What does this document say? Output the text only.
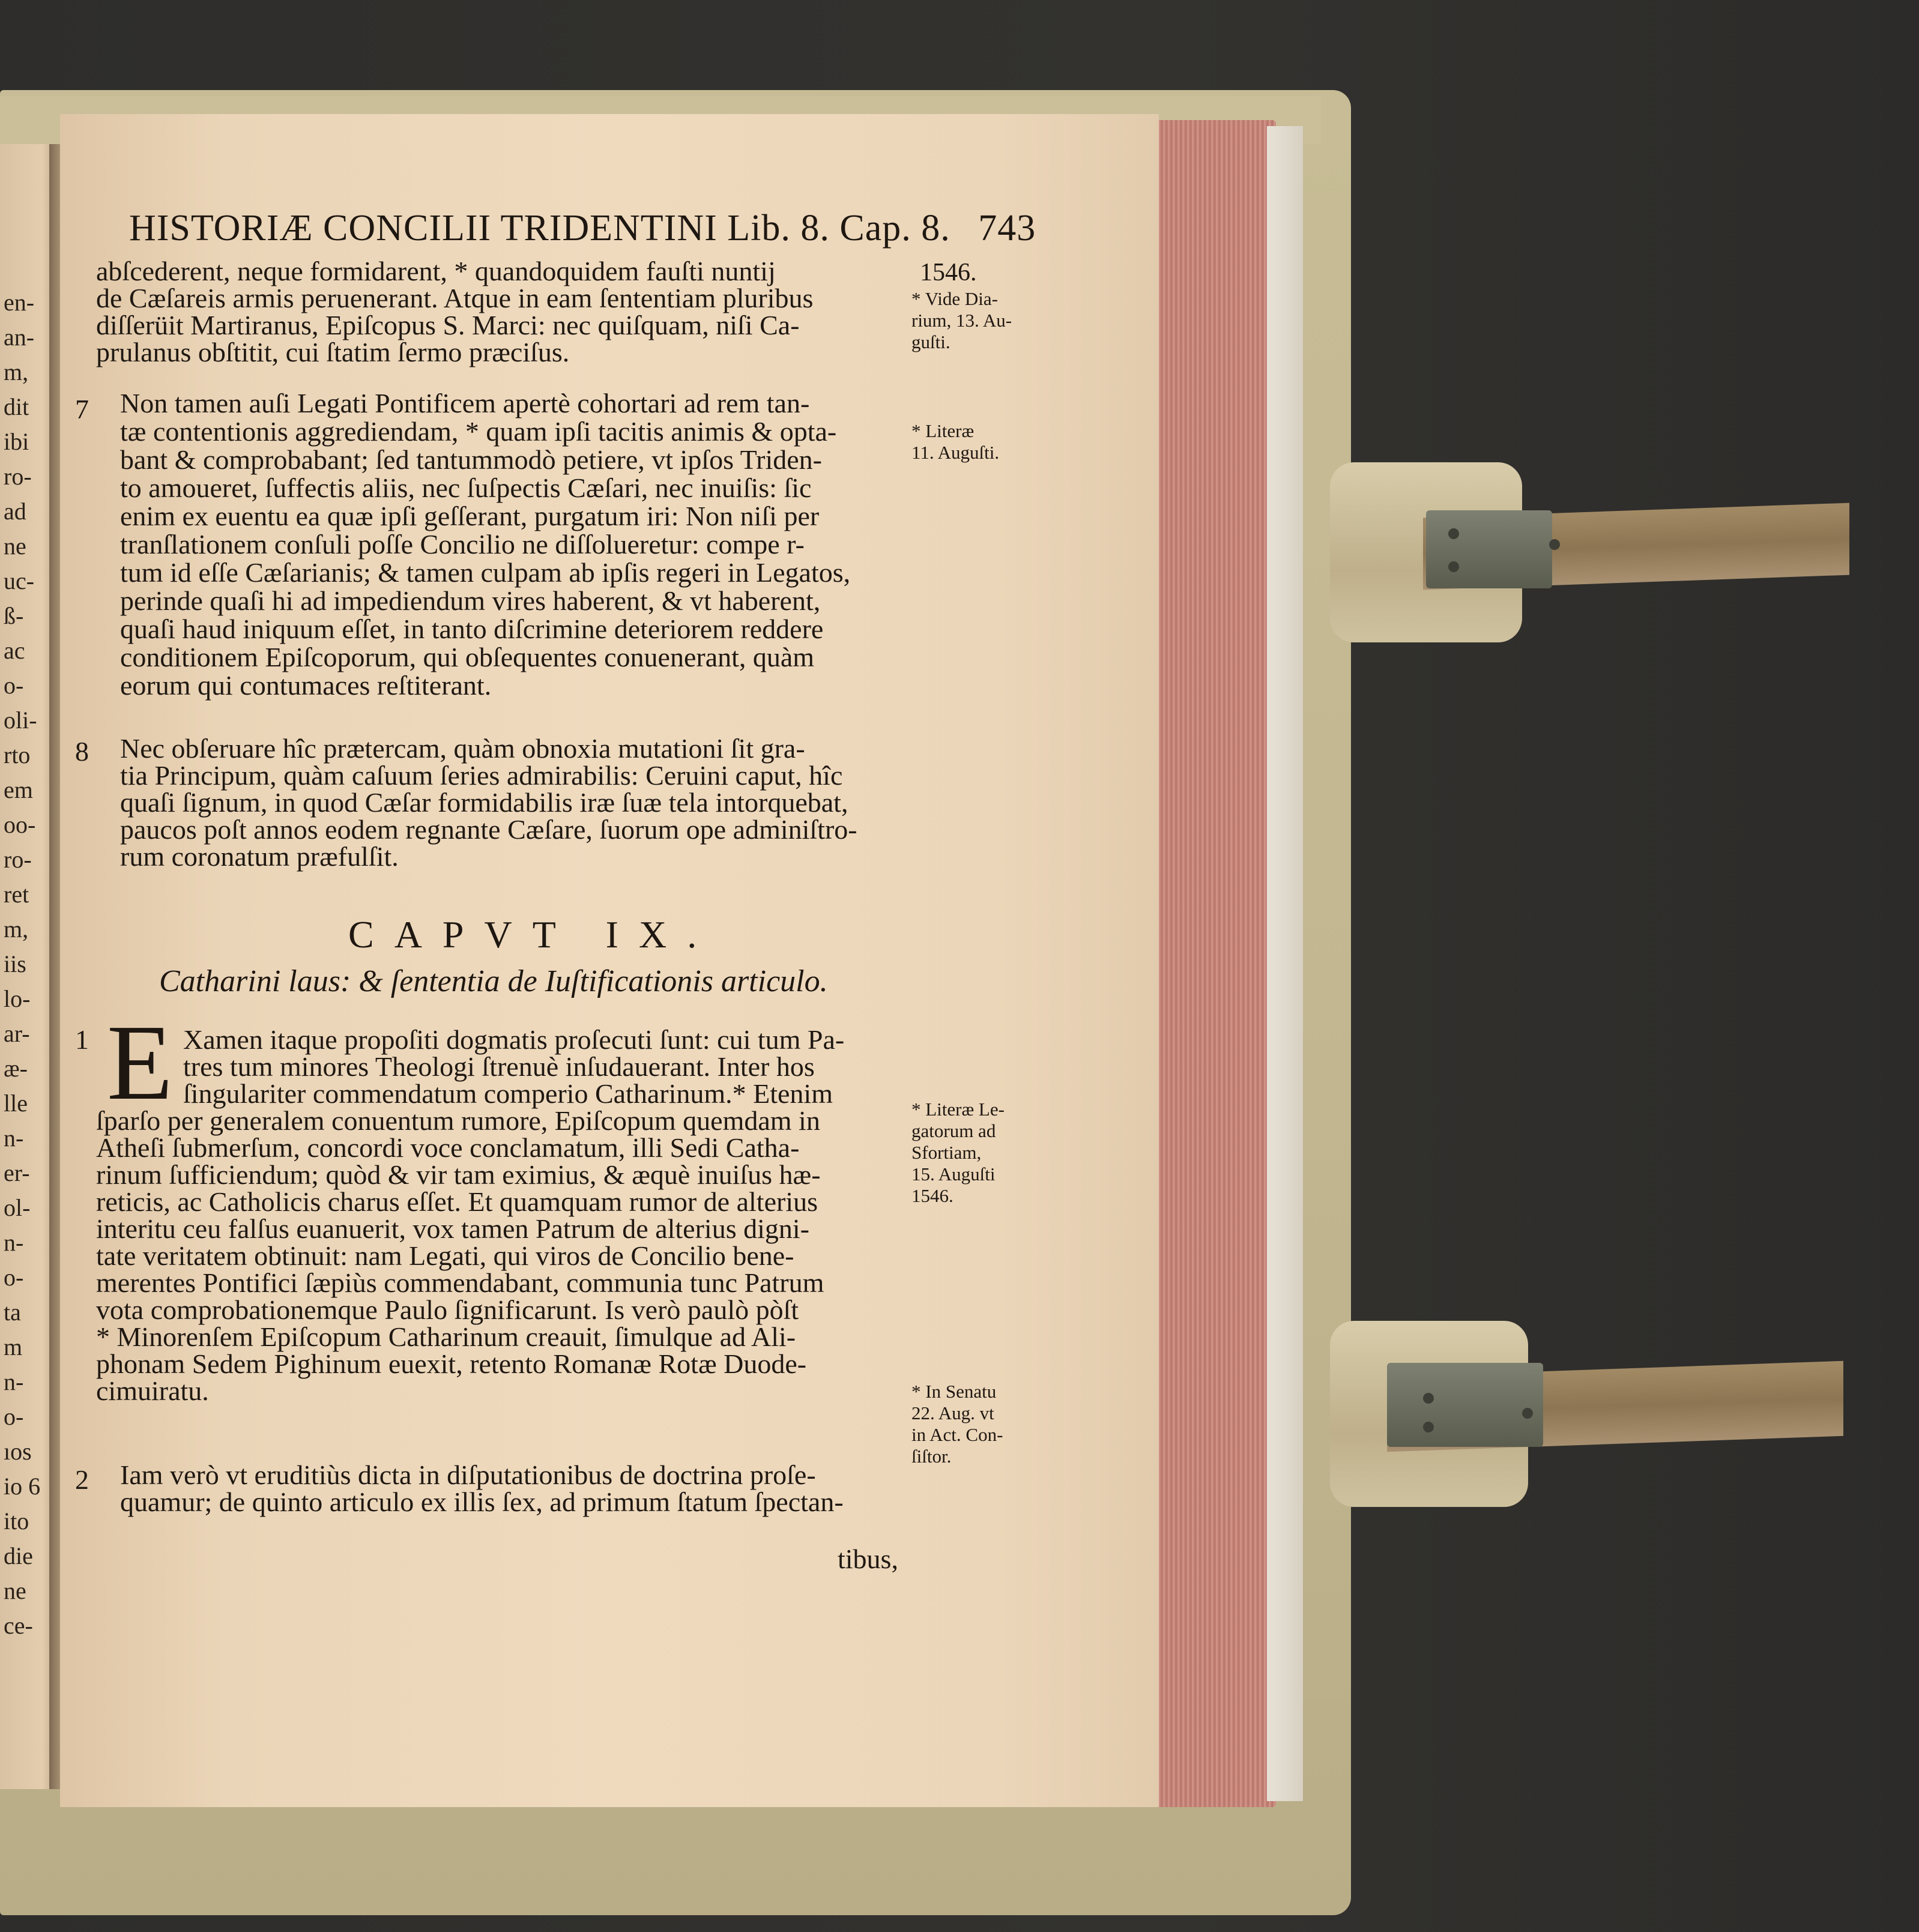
en-
an-
m,
dit
ibi
ro-
ad
ne
uc-
ß-
ac
o-
oli-
rto
em
oo-
ro-
ret
m,
iis
lo-
ar-
æ-
lle
n-
er-
ol-
n-
o-
ta
m
n-
o-
ıos
io 6
ito
die
ne
ce-
HISTORIÆ CONCILII TRIDENTINI Lib. 8. Cap. 8. 743
abſcederent, neque formidarent, * quandoquidem fauſti nuntij
de Cæſareis armis peruenerant. Atque in eam ſententiam pluribus
diſſerüit Martiranus, Epiſcopus S. Marci: nec quiſquam, niſi Ca-
prulanus obſtitit, cui ſtatim ſermo præciſus.
7 Non tamen auſi Legati Pontificem apertè cohortari ad rem tan-
tæ contentionis aggrediendam, * quam ipſi tacitis animis & opta-
bant & comprobabant; ſed tantummodò petiere, vt ipſos Triden-
to amoueret, ſuffectis aliis, nec ſuſpectis Cæſari, nec inuiſis: ſic
enim ex euentu ea quæ ipſi geſſerant, purgatum iri: Non niſi per
tranſlationem conſuli poſſe Concilio ne diſſolueretur: compe r-
tum id eſſe Cæſarianis; & tamen culpam ab ipſis regeri in Legatos,
perinde quaſi hi ad impediendum vires haberent, & vt haberent,
quaſi haud iniquum eſſet, in tanto diſcrimine deteriorem reddere
conditionem Epiſcoporum, qui obſequentes conuenerant, quàm
eorum qui contumaces reſtiterant.
8 Nec obſeruare hîc prætercam, quàm obnoxia mutationi ſit gra-
tia Principum, quàm caſuum ſeries admirabilis: Ceruini caput, hîc
quaſi ſignum, in quod Cæſar formidabilis iræ ſuæ tela intorquebat,
paucos poſt annos eodem regnante Cæſare, ſuorum ope adminiſtro-
rum coronatum præfulſit.
CAPVT IX.
Catharini laus: & ſententia de Iuſtificationis articulo.
1 E Xamen itaque propoſiti dogmatis proſecuti ſunt: cui tum Pa-
tres tum minores Theologi ſtrenuè inſudauerant. Inter hos
ſingulariter commendatum comperio Catharinum.* Etenim
ſparſo per generalem conuentum rumore, Epiſcopum quemdam in
Atheſi ſubmerſum, concordi voce conclamatum, illi Sedi Catha-
rinum ſufficiendum; quòd & vir tam eximius, & æquè inuiſus hæ-
reticis, ac Catholicis charus eſſet. Et quamquam rumor de alterius
interitu ceu falſus euanuerit, vox tamen Patrum de alterius digni-
tate veritatem obtinuit: nam Legati, qui viros de Concilio bene-
merentes Pontifici ſæpiùs commendabant, communia tunc Patrum
vota comprobationemque Paulo ſignificarunt. Is verò paulò pòſt
* Minorenſem Epiſcopum Catharinum creauit, ſimulque ad Ali-
phonam Sedem Pighinum euexit, retento Romanæ Rotæ Duode-
cimuiratu.
2 Iam verò vt eruditiùs dicta in diſputationibus de doctrina proſe-
quamur; de quinto articulo ex illis ſex, ad primum ſtatum ſpectan-
tibus,
1546.
* Vide Dia-
rium, 13. Au-
guſti.
* Literæ
11. Auguſti.
* Literæ Le-
gatorum ad
Sfortiam,
15. Auguſti
1546.
* In Senatu
22. Aug. vt
in Act. Con-
ſiſtor.
